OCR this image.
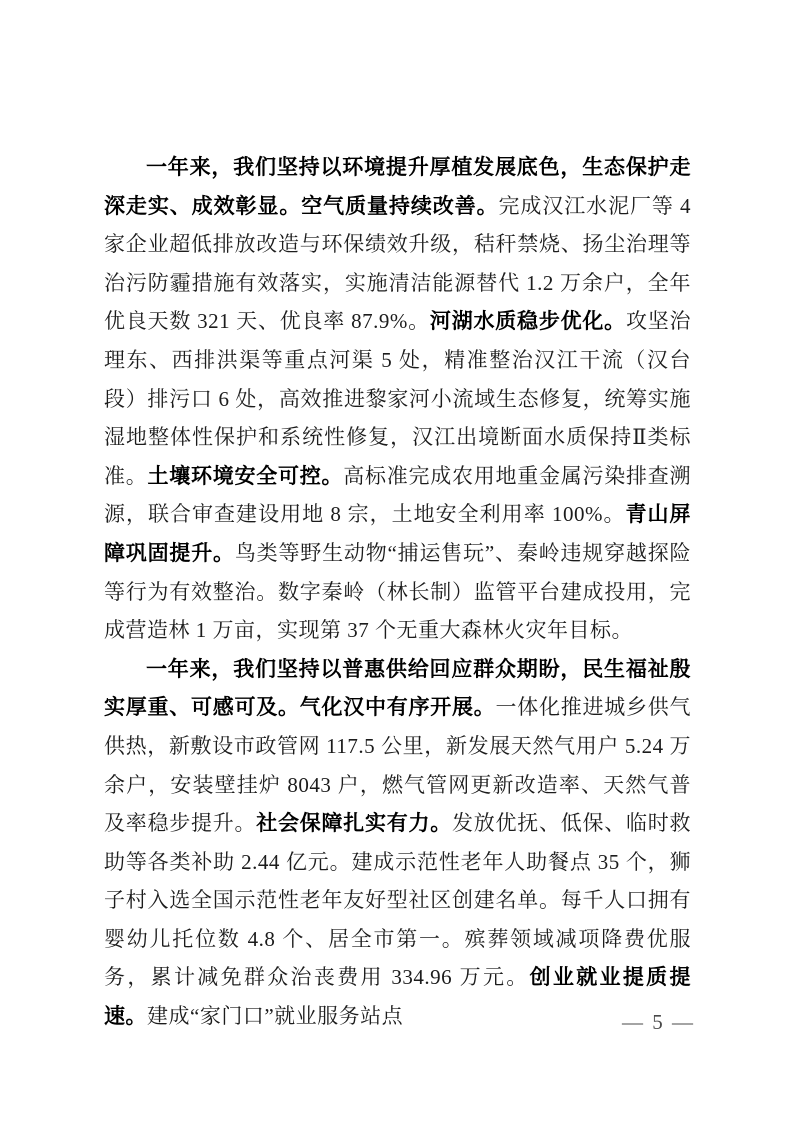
一年来，我们坚持以环境提升厚植发展底色，生态保护走深走实、成效彰显。空气质量持续改善。完成汉江水泥厂等 4 家企业超低排放改造与环保绩效升级，秸秆禁烧、扬尘治理等治污防霾措施有效落实，实施清洁能源替代 1.2 万余户，全年优良天数 321 天、优良率 87.9%。河湖水质稳步优化。攻坚治理东、西排洪渠等重点河渠 5 处，精准整治汉江干流（汉台段）排污口 6 处，高效推进黎家河小流域生态修复，统筹实施湿地整体性保护和系统性修复，汉江出境断面水质保持Ⅱ类标准。土壤环境安全可控。高标准完成农用地重金属污染排查溯源，联合审查建设用地 8 宗，土地安全利用率 100%。青山屏障巩固提升。鸟类等野生动物“捕运售玩”、秦岭违规穿越探险等行为有效整治。数字秦岭（林长制）监管平台建成投用，完成营造林 1 万亩，实现第 37 个无重大森林火灾年目标。

一年来，我们坚持以普惠供给回应群众期盼，民生福祉殷实厚重、可感可及。气化汉中有序开展。一体化推进城乡供气供热，新敷设市政管网 117.5 公里，新发展天然气用户 5.24 万余户，安装壁挂炉 8043 户，燃气管网更新改造率、天然气普及率稳步提升。社会保障扎实有力。发放优抚、低保、临时救助等各类补助 2.44 亿元。建成示范性老年人助餐点 35 个，狮子村入选全国示范性老年友好型社区创建名单。每千人口拥有婴幼儿托位数 4.8 个、居全市第一。殡葬领域减项降费优服务，累计减免群众治丧费用 334.96 万元。创业就业提质提速。建成“家门口”就业服务站点	— 5 —
